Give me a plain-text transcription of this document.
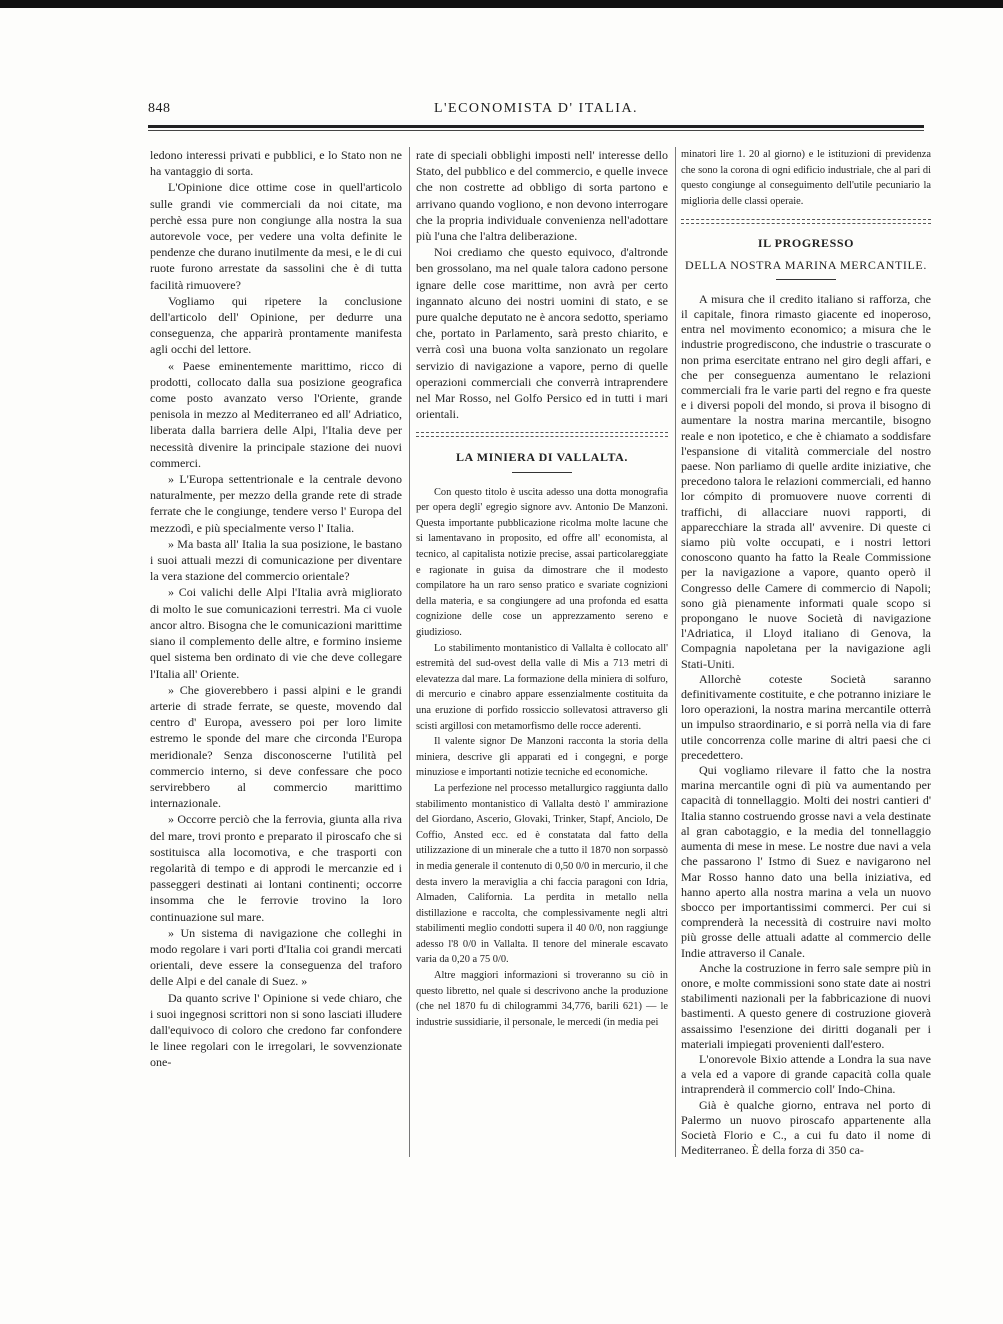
848	L'ECONOMISTA D' ITALIA.

ledono interessi privati e pubblici, e lo Stato non ne ha vantaggio di sorta.

L'Opinione dice ottime cose in quell'articolo sulle grandi vie commerciali da noi citate, ma perchè essa pure non congiunge alla nostra la sua autorevole voce, per vedere una volta definite le pendenze che durano inutilmente da mesi, e le di cui ruote furono arrestate da sassolini che è di tutta facilità rimuovere?

Vogliamo qui ripetere la conclusione dell'articolo dell' Opinione, per dedurre una conseguenza, che apparirà prontamente manifesta agli occhi del lettore.

« Paese eminentemente marittimo, ricco di prodotti, collocato dalla sua posizione geografica come posto avanzato verso l'Oriente, grande penisola in mezzo al Mediterraneo ed all' Adriatico, liberata dalla barriera delle Alpi, l'Italia deve per necessità divenire la principale stazione dei nuovi commerci.

» L'Europa settentrionale e la centrale devono naturalmente, per mezzo della grande rete di strade ferrate che le congiunge, tendere verso l' Europa del mezzodì, e più specialmente verso l' Italia.

» Ma basta all' Italia la sua posizione, le bastano i suoi attuali mezzi di comunicazione per diventare la vera stazione del commercio orientale?

» Coi valichi delle Alpi l'Italia avrà migliorato di molto le sue comunicazioni terrestri. Ma ci vuole ancor altro. Bisogna che le comunicazioni marittime siano il complemento delle altre, e formino insieme quel sistema ben ordinato di vie che deve collegare l'Italia all' Oriente.

» Che gioverebbero i passi alpini e le grandi arterie di strade ferrate, se queste, movendo dal centro d' Europa, avessero poi per loro limite estremo le sponde del mare che circonda l'Europa meridionale? Senza disconoscerne l'utilità pel commercio interno, si deve confessare che poco servirebbero al commercio marittimo internazionale.

» Occorre perciò che la ferrovia, giunta alla riva del mare, trovi pronto e preparato il piroscafo che si sostituisca alla locomotiva, e che trasporti con regolarità di tempo e di approdi le mercanzie ed i passeggeri destinati ai lontani continenti; occorre insomma che le ferrovie trovino la loro continuazione sul mare.

» Un sistema di navigazione che colleghi in modo regolare i vari porti d'Italia coi grandi mercati orientali, deve essere la conseguenza del traforo delle Alpi e del canale di Suez. »

Da quanto scrive l' Opinione si vede chiaro, che i suoi ingegnosi scrittori non si sono lasciati illudere dall'equivoco di coloro che credono far confondere le linee regolari con le irregolari, le sovvenzionate one-

rate di speciali obblighi imposti nell' interesse dello Stato, del pubblico e del commercio, e quelle invece che non costrette ad obbligo di sorta partono e arrivano quando vogliono, e non devono interrogare che la propria individuale convenienza nell'adottare più l'una che l'altra deliberazione.

Noi crediamo che questo equivoco, d'altronde ben grossolano, ma nel quale talora cadono persone ignare delle cose marittime, non avrà per certo ingannato alcuno dei nostri uomini di stato, e se pure qualche deputato ne è ancora sedotto, speriamo che, portato in Parlamento, sarà presto chiarito, e verrà così una buona volta sanzionato un regolare servizio di navigazione a vapore, perno di quelle operazioni commerciali che converrà intraprendere nel Mar Rosso, nel Golfo Persico ed in tutti i mari orientali.

LA MINIERA DI VALLALTA.

Con questo titolo è uscita adesso una dotta monografia per opera degli' egregio signore avv. Antonio De Manzoni. Questa importante pubblicazione ricolma molte lacune che si lamentavano in proposito, ed offre all' economista, al tecnico, al capitalista notizie precise, assai particolareggiate e ragionate in guisa da dimostrare che il modesto compilatore ha un raro senso pratico e svariate cognizioni della materia, e sa congiungere ad una profonda ed esatta cognizione delle cose un apprezzamento sereno e giudizioso.

Lo stabilimento montanistico di Vallalta è collocato all' estremità del sud-ovest della valle di Mis a 713 metri di elevatezza dal mare. La formazione della miniera di solfuro, di mercurio e cinabro appare essenzialmente costituita da una eruzione di porfido rossiccio sollevatosi attraverso gli scisti argillosi con metamorfismo delle rocce aderenti.

Il valente signor De Manzoni racconta la storia della miniera, descrive gli apparati ed i congegni, e porge minuziose e importanti notizie tecniche ed economiche.

La perfezione nel processo metallurgico raggiunta dallo stabilimento montanistico di Vallalta destò l' ammirazione del Giordano, Ascerio, Glovaki, Trinker, Stapf, Anciolo, De Coffio, Ansted ecc. ed è constatata dal fatto della utilizzazione di un minerale che a tutto il 1870 non sorpassò in media generale il contenuto di 0,50 0/0 in mercurio, il che desta invero la meraviglia a chi faccia paragoni con Idria, Almaden, California. La perdita in metallo nella distillazione e raccolta, che complessivamente negli altri stabilimenti meglio condotti supera il 40 0/0, non raggiunge adesso l'8 0/0 in Vallalta. Il tenore del minerale escavato varia da 0,20 a 75 0/0.

Altre maggiori informazioni si troveranno su ciò in questo libretto, nel quale si descrivono anche la produzione (che nel 1870 fu di chilogrammi 34,776, barili 621) — le industrie sussidiarie, il personale, le mercedi (in media pei

minatori lire 1. 20 al giorno) e le istituzioni di previdenza che sono la corona di ogni edificio industriale, che al pari di questo congiunge al conseguimento dell'utile pecuniario la migliorìa delle classi operaie.

IL PROGRESSO
DELLA NOSTRA MARINA MERCANTILE.

A misura che il credito italiano si rafforza, che il capitale, finora rimasto giacente ed inoperoso, entra nel movimento economico; a misura che le industrie progrediscono, che industrie o trascurate o non prima esercitate entrano nel giro degli affari, e che per conseguenza aumentano le relazioni commerciali fra le varie parti del regno e fra queste e i diversi popoli del mondo, si prova il bisogno di aumentare la nostra marina mercantile, bisogno reale e non ipotetico, e che è chiamato a soddisfare l'espansione di vitalità commerciale del nostro paese. Non parliamo di quelle ardite iniziative, che precedono talora le relazioni commerciali, ed hanno lor cómpito di promuovere nuove correnti di traffichi, di allacciare nuovi rapporti, di apparecchiare la strada all' avvenire. Di queste ci siamo più volte occupati, e i nostri lettori conoscono quanto ha fatto la Reale Commissione per la navigazione a vapore, quanto operò il Congresso delle Camere di commercio di Napoli; sono già pienamente informati quale scopo si propongano le nuove Società di navigazione l'Adriatica, il Lloyd italiano di Genova, la Compagnia napoletana per la navigazione agli Stati-Uniti.

Allorchè coteste Società saranno definitivamente costituite, e che potranno iniziare le loro operazioni, la nostra marina mercantile otterrà un impulso straordinario, e si porrà nella via di fare utile concorrenza colle marine di altri paesi che ci precedettero.

Qui vogliamo rilevare il fatto che la nostra marina mercantile ogni dì più va aumentando per capacità di tonnellaggio. Molti dei nostri cantieri d' Italia stanno costruendo grosse navi a vela destinate al gran cabotaggio, e la media del tonnellaggio aumenta di mese in mese. Le nostre due navi a vela che passarono l' Istmo di Suez e navigarono nel Mar Rosso hanno dato una bella iniziativa, ed hanno aperto alla nostra marina a vela un nuovo sbocco per importantissimi commerci. Per cui si comprenderà la necessità di costruire navi molto più grosse delle attuali adatte al commercio delle Indie attraverso il Canale.

Anche la costruzione in ferro sale sempre più in onore, e molte commissioni sono state date ai nostri stabilimenti nazionali per la fabbricazione di nuovi bastimenti. A questo genere di costruzione gioverà assaissimo l'esenzione dei diritti doganali per i materiali impiegati provenienti dall'estero.

L'onorevole Bixio attende a Londra la sua nave a vela ed a vapore di grande capacità colla quale intraprenderà il commercio coll' Indo-China.

Già è qualche giorno, entrava nel porto di Palermo un nuovo piroscafo appartenente alla Società Florio e C., a cui fu dato il nome di Mediterraneo. È della forza di 350 ca-
